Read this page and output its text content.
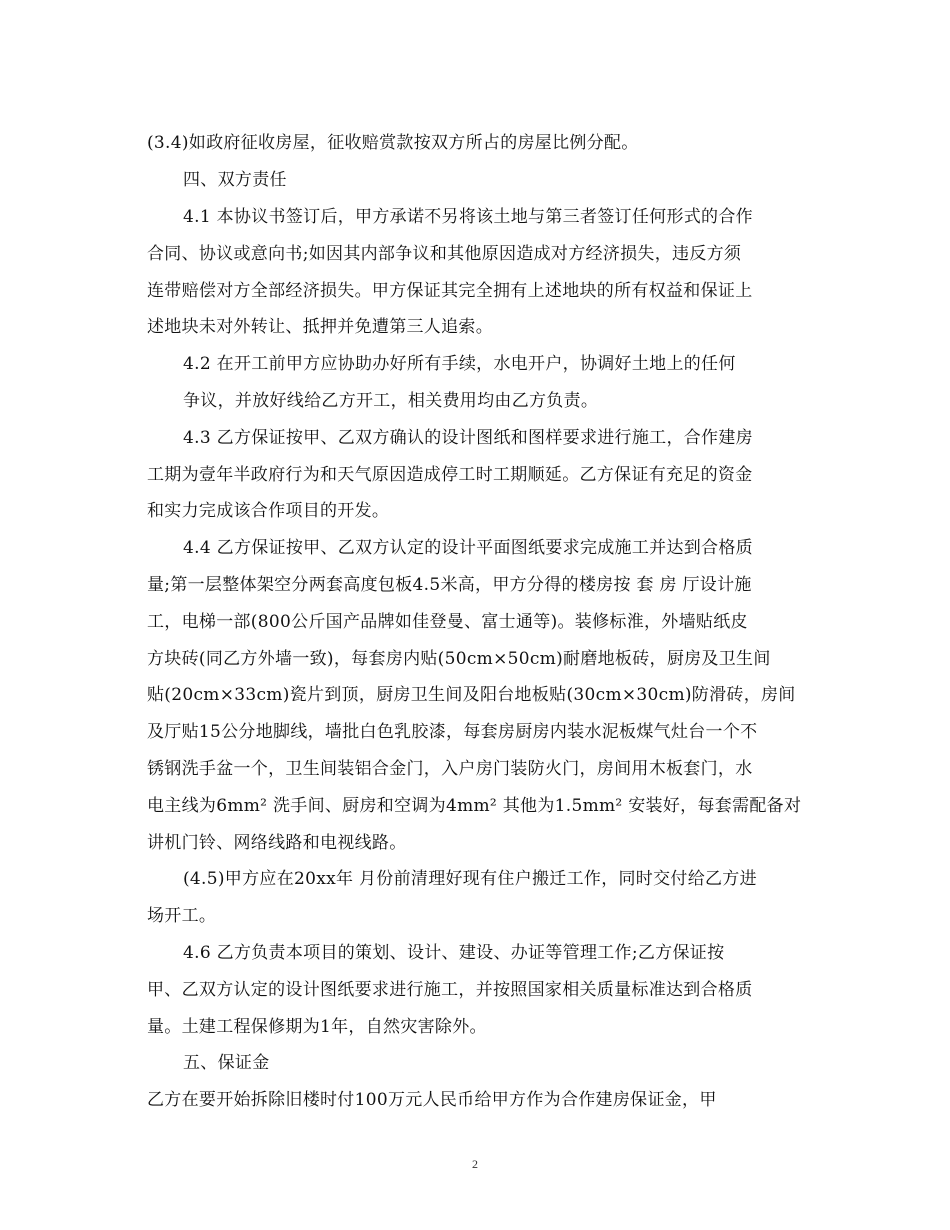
(3.4)如政府征收房屋，征收赔赏款按双方所占的房屋比例分配。
四、双方责任
4.1 本协议书签订后，甲方承诺不另将该土地与第三者签订任何形式的合作
合同、协议或意向书;如因其内部争议和其他原因造成对方经济损失，违反方须
连带赔偿对方全部经济损失。甲方保证其完全拥有上述地块的所有权益和保证上
述地块未对外转让、抵押并免遭第三人追索。
4.2 在开工前甲方应协助办好所有手续，水电开户，协调好土地上的任何
争议，并放好线给乙方开工，相关费用均由乙方负责。
4.3 乙方保证按甲、乙双方确认的设计图纸和图样要求进行施工，合作建房
工期为壹年半政府行为和天气原因造成停工时工期顺延。乙方保证有充足的资金
和实力完成该合作项目的开发。
4.4 乙方保证按甲、乙双方认定的设计平面图纸要求完成施工并达到合格质
量;第一层整体架空分两套高度包板4.5米高，甲方分得的楼房按 套 房 厅设计施
工，电梯一部(800公斤国产品牌如佳登曼、富士通等)。装修标淮，外墙贴纸皮
方块砖(同乙方外墙一致)，每套房内贴(50cm×50cm)耐磨地板砖，厨房及卫生间
贴(20cm×33cm)瓷片到顶，厨房卫生间及阳台地板贴(30cm×30cm)防滑砖，房间
及厅贴15公分地脚线，墙批白色乳胶漆，每套房厨房内装水泥板煤气灶台一个不
锈钢洗手盆一个，卫生间装铝合金门，入户房门装防火门，房间用木板套门，水
电主线为6mm² 洗手间、厨房和空调为4mm² 其他为1.5mm² 安装好，每套需配备对
讲机门铃、网络线路和电视线路。
(4.5)甲方应在20xx年 月份前清理好现有住户搬迁工作，同时交付给乙方进
场开工。
4.6 乙方负责本项目的策划、设计、建设、办证等管理工作;乙方保证按
甲、乙双方认定的设计图纸要求进行施工，并按照国家相关质量标准达到合格质
量。土建工程保修期为1年，自然灾害除外。
五、保证金
乙方在要开始拆除旧楼时付100万元人民币给甲方作为合作建房保证金，甲
2
